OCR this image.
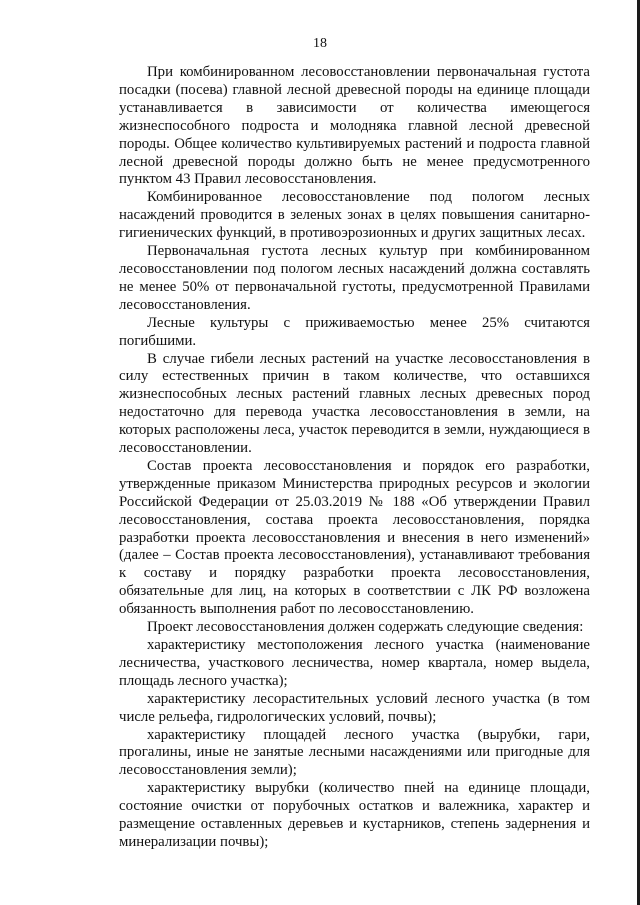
18

При комбинированном лесовосстановлении первоначальная густота посадки (посева) главной лесной древесной породы на единице площади устанавливается в зависимости от количества имеющегося жизнеспособного подроста и молодняка главной лесной древесной породы. Общее количество культивируемых растений и подроста главной лесной древесной породы должно быть не менее предусмотренного пунктом 43 Правил лесовосстановления.

Комбинированное лесовосстановление под пологом лесных насаждений проводится в зеленых зонах в целях повышения санитарно-гигиенических функций, в противоэрозионных и других защитных лесах.

Первоначальная густота лесных культур при комбинированном лесовосстановлении под пологом лесных насаждений должна составлять не менее 50% от первоначальной густоты, предусмотренной Правилами лесовосстановления.

Лесные культуры с приживаемостью менее 25% считаются погибшими.

В случае гибели лесных растений на участке лесовосстановления в силу естественных причин в таком количестве, что оставшихся жизнеспособных лесных растений главных лесных древесных пород недостаточно для перевода участка лесовосстановления в земли, на которых расположены леса, участок переводится в земли, нуждающиеся в лесовосстановлении.

Состав проекта лесовосстановления и порядок его разработки, утвержденные приказом Министерства природных ресурсов и экологии Российской Федерации от 25.03.2019 № 188 «Об утверждении Правил лесовосстановления, состава проекта лесовосстановления, порядка разработки проекта лесовосстановления и внесения в него изменений» (далее – Состав проекта лесовосстановления), устанавливают требования к составу и порядку разработки проекта лесовосстановления, обязательные для лиц, на которых в соответствии с ЛК РФ возложена обязанность выполнения работ по лесовосстановлению.

Проект лесовосстановления должен содержать следующие сведения:

характеристику местоположения лесного участка (наименование лесничества, участкового лесничества, номер квартала, номер выдела, площадь лесного участка);

характеристику лесорастительных условий лесного участка (в том числе рельефа, гидрологических условий, почвы);

характеристику площадей лесного участка (вырубки, гари, прогалины, иные не занятые лесными насаждениями или пригодные для лесовосстановления земли);

характеристику вырубки (количество пней на единице площади, состояние очистки от порубочных остатков и валежника, характер и размещение оставленных деревьев и кустарников, степень задернения и минерализации почвы);
